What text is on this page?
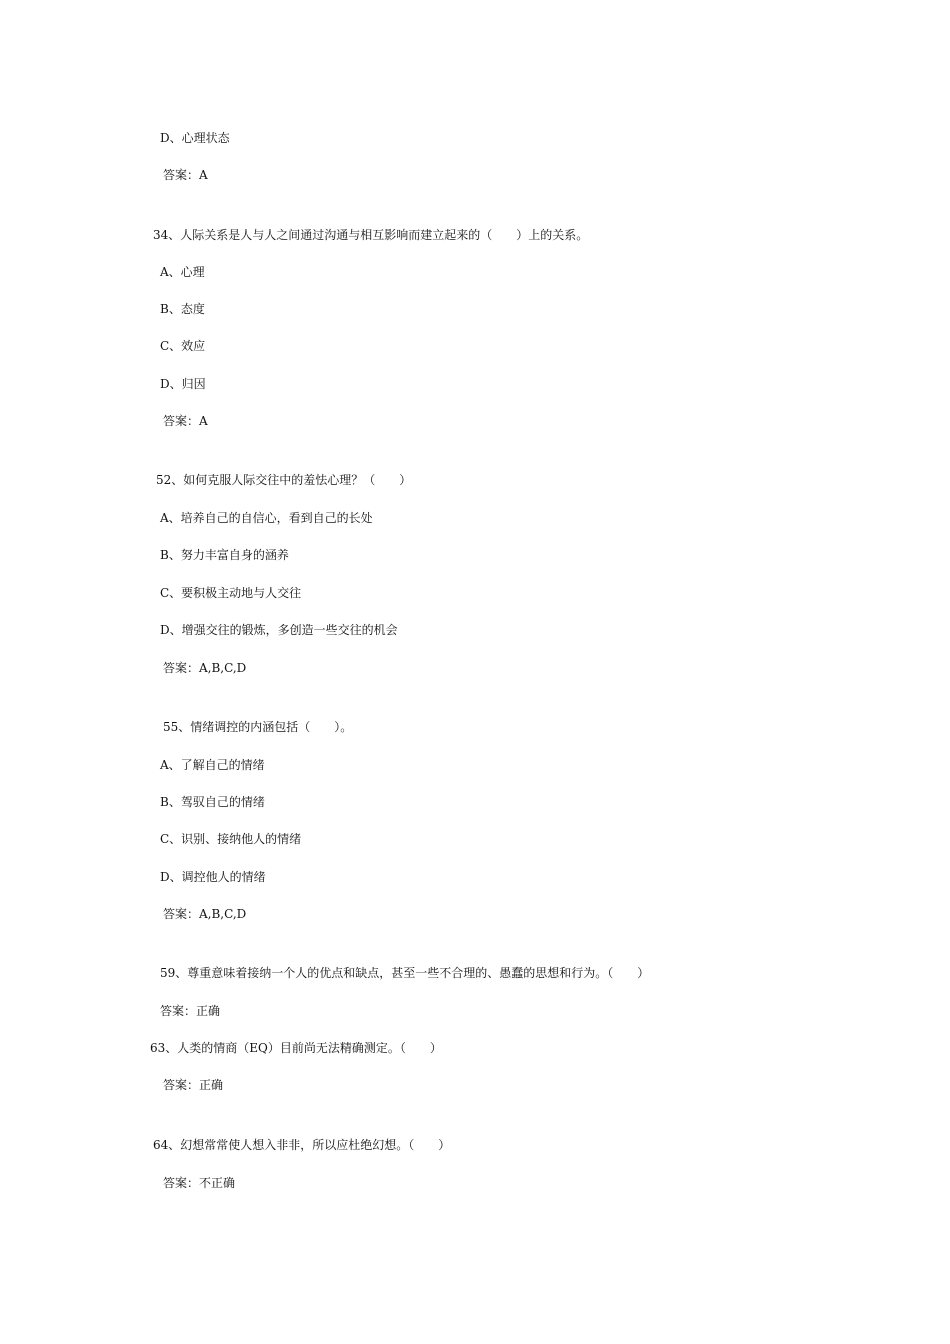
D、心理状态
答案：A
34、人际关系是人与人之间通过沟通与相互影响而建立起来的（　　）上的关系。
A、心理
B、态度
C、效应
D、归因
答案：A
52、如何克服人际交往中的羞怯心理？（　　）
A、培养自己的自信心，看到自己的长处
B、努力丰富自身的涵养
C、要积极主动地与人交往
D、增强交往的锻炼，多创造一些交往的机会
答案：A,B,C,D
55、情绪调控的内涵包括（　　）。
A、了解自己的情绪
B、驾驭自己的情绪
C、识别、接纳他人的情绪
D、调控他人的情绪
答案：A,B,C,D
59、尊重意味着接纳一个人的优点和缺点，甚至一些不合理的、愚蠢的思想和行为。（　　）
答案：正确
63、人类的情商（EQ）目前尚无法精确测定。（　　）
答案：正确
64、幻想常常使人想入非非，所以应杜绝幻想。（　　）
答案：不正确
